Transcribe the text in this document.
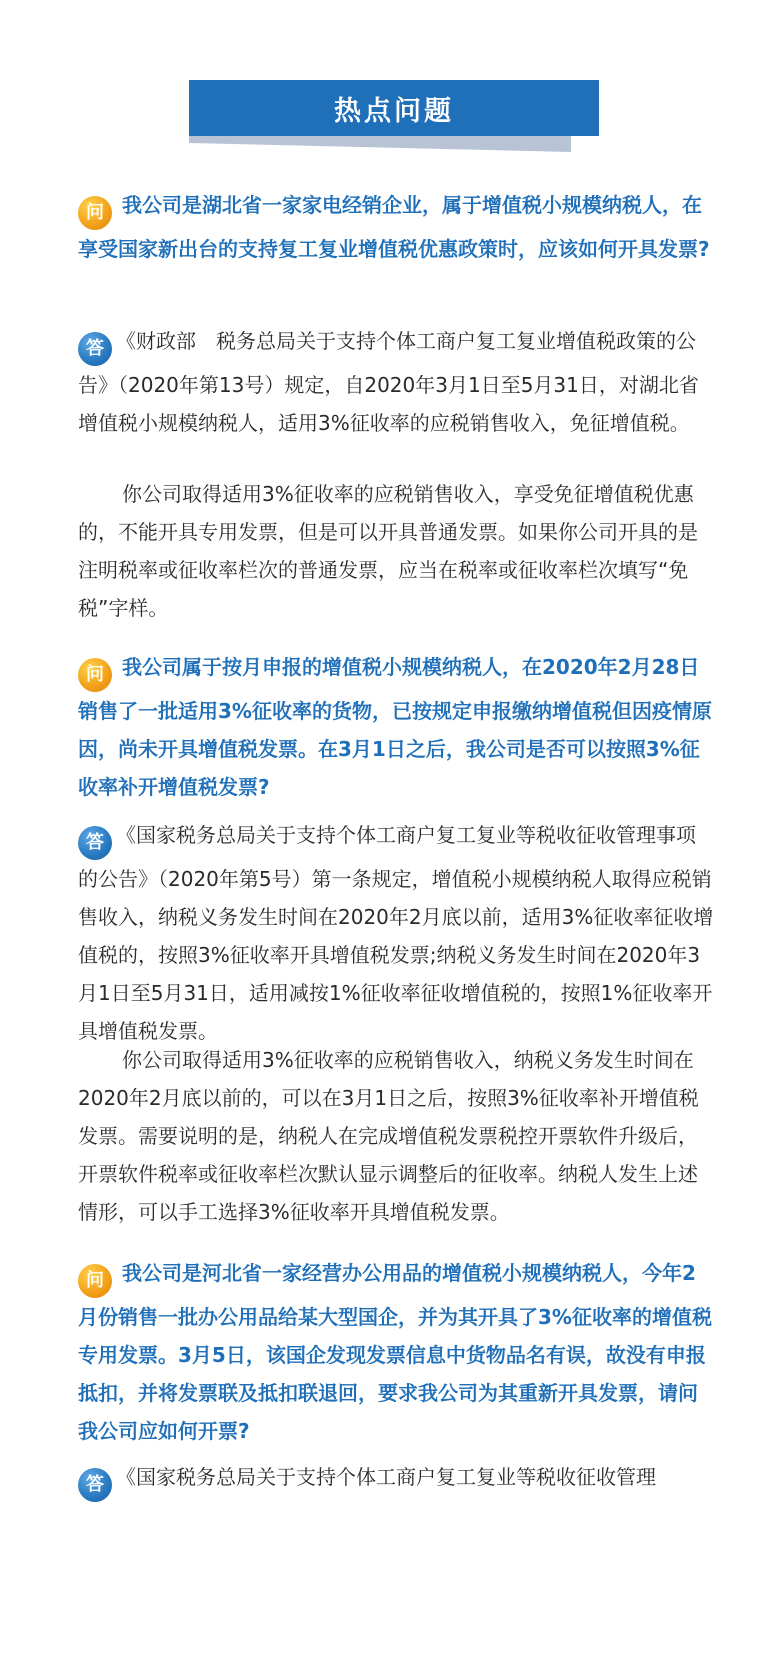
热点问题

问 我公司是湖北省一家家电经销企业，属于增值税小规模纳税人，在享受国家新出台的支持复工复业增值税优惠政策时，应该如何开具发票?

答 《财政部　税务总局关于支持个体工商户复工复业增值税政策的公告》（2020年第13号）规定，自2020年3月1日至5月31日，对湖北省增值税小规模纳税人，适用3%征收率的应税销售收入，免征增值税。

你公司取得适用3%征收率的应税销售收入，享受免征增值税优惠的，不能开具专用发票，但是可以开具普通发票。如果你公司开具的是注明税率或征收率栏次的普通发票，应当在税率或征收率栏次填写“免税”字样。

问 我公司属于按月申报的增值税小规模纳税人，在2020年2月28日销售了一批适用3%征收率的货物，已按规定申报缴纳增值税但因疫情原因，尚未开具增值税发票。在3月1日之后，我公司是否可以按照3%征收率补开增值税发票?

答 《国家税务总局关于支持个体工商户复工复业等税收征收管理事项的公告》（2020年第5号）第一条规定，增值税小规模纳税人取得应税销售收入，纳税义务发生时间在2020年2月底以前，适用3%征收率征收增值税的，按照3%征收率开具增值税发票;纳税义务发生时间在2020年3月1日至5月31日，适用减按1%征收率征收增值税的，按照1%征收率开具增值税发票。

你公司取得适用3%征收率的应税销售收入，纳税义务发生时间在2020年2月底以前的，可以在3月1日之后，按照3%征收率补开增值税发票。需要说明的是，纳税人在完成增值税发票税控开票软件升级后，开票软件税率或征收率栏次默认显示调整后的征收率。纳税人发生上述情形，可以手工选择3%征收率开具增值税发票。

问 我公司是河北省一家经营办公用品的增值税小规模纳税人，今年2月份销售一批办公用品给某大型国企，并为其开具了3%征收率的增值税专用发票。3月5日，该国企发现发票信息中货物品名有误，故没有申报抵扣，并将发票联及抵扣联退回，要求我公司为其重新开具发票，请问我公司应如何开票?

答 《国家税务总局关于支持个体工商户复工复业等税收征收管理
